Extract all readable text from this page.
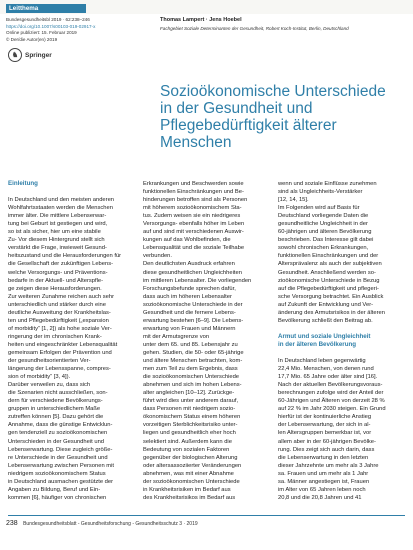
Leitthema
Bundesgesundheitsbl 2019 · 62:238–246
https://doi.org/10.1007/s00103-019-02917-x
Online publiziert: 15. Februar 2019
© Der/die Autor(en) 2019
♞	Springer
Thomas Lampert · Jens Hoebel
Fachgebiet Soziale Determinanten der Gesundheit, Robert Koch-Institut, Berlin, Deutschland
Sozioökonomische Unterschiede
in der Gesundheit und
Pflegebedürftigkeit älterer
Menschen

Einleitung

In Deutschland und den meisten anderen

Wohlfahrtsstaaten werden die Menschen

immer älter. Die mittlere Lebenserwar-

tung bei Geburt ist gestiegen und wird,

so ist als sicher, hier um eine stabile

Zu- Vor diesem Hintergrund stellt sich

verstärkt die Frage, inwieweit Gesund-

heitszustand und die Herausforderungen für

die Gesellschaft der zukünftigen Lebens-

welche Versorgungs- und Präventions-

bedarfe in der Aktuell- und Alterspfle-

ge zeigen diese Herausforderungen.

Zur weiteren Zunahme reichen auch sehr

unterschiedlich und stärker durch eine

deutliche Ausweitung der Krankheitslas-

ten und Pflegebedürftigkeit („expansion

of morbidity“ [1, 2]) als hohe soziale Ver-

ringerung der im chronischen Krank-

heiten und eingeschränkter Lebensqualität

gemeinsam Erfolgen der Prävention und

der gesundheitsorientierten Ver-

längerung der Lebensspanne, compres-

sion of morbidity“ [3, 4]).

Darüber verweilen zu, dass sich

die Szenarien nicht ausschließen, son-

dern für verschiedene Bevölkerungs-

gruppen in unterschiedlichem Maße

zutreffen können [5]. Dazu gehört die

Annahme, dass die günstige Entwicklun-

gen tendenziell zu sozioökonomischen

Unterschieden in der Gesundheit und

Lebenserwartung. Diese zugleich größe-

re Unterschiede in der Gesundheit und

Lebenserwartung zwischen Personen mit

niedrigem sozioökonomischem Status

in Deutschland ausmachen gestützte der

Angaben zu Bildung, Beruf und Ein-

kommen [6], häufiger von chronischen

Erkrankungen und Beschwerden sowie

funktionellen Einschränkungen und Be-

hinderungen betroffen sind als Personen

mit höherem sozioökonomischem Sta-

tus. Zudem weisen sie ein niedrigeres

Versorgungs- ebenfalls höher im Leben

auf und sind mit verschiedenen Auswir-

kungen auf das Wohlbefinden, die

Lebensqualität und die soziale Teilhabe

verbunden.

Den deutlichsten Ausdruck erfahren

diese gesundheitlichen Ungleichheiten

im mittleren Lebensalter. Die vorliegenden

Forschungsbefunde sprechen dafür,

dass auch im höheren Lebensalter

sozioökonomische Unterschiede in der

Gesundheit und die fernere Lebens-

erwartung bestehen [6–9]. Die Lebens-

erwartung von Frauen und Männern

mit der Armutsgrenze von

unter dem 65. und 85. Lebensjahr zu

gehen. Studien, die 50- oder 65-jährige

und ältere Menschen betrachten, kom-

men zum Teil zu dem Ergebnis, dass

die sozioökonomischen Unterschiede

abnehmen und sich im hohen Lebens-

alter angleichen [10–12]. Zurückge-

führt wird dies unter anderem darauf,

dass Personen mit niedrigem sozio-

ökonomischem Status einem höheren

vorzeitigen Sterblichkeitsrisiko unter-

liegen und gesundheitlich eher hoch

selektiert sind. Außerdem kann die

Bedeutung von sozialen Faktoren

gegenüber der biologischen Alterung

oder altersassoziierter Veränderungen

abnehmen, was mit einer Abnahme

der sozioökonomischen Unterschiede

in Krankheitsrisiken im Bedarf aus

des Krankheitsrisikos im Bedarf aus

wenn und soziale Einflüsse zunehmen

sind als Ungleichheits-Verstärker

[12, 14, 15].

Im Folgenden wird auf Basis für

Deutschland vorliegende Daten die

gesundheitliche Ungleichheit in der

60-jährigen und älteren Bevölkerung

beschrieben. Das Interesse gilt dabei

sowohl chronischen Erkrankungen,

funktionellen Einschränkungen und der

Altersprävalenz als auch der subjektiven

Gesundheit. Anschließend werden so-

zioökonomische Unterschiede in Bezug

auf die Pflegebedürftigkeit und pflegeri-

sche Versorgung betrachtet. Ein Ausblick

auf Zukunft der Entwicklung und Ver-

änderung des Armutsrisikos in der älteren

Bevölkerung schließt den Beitrag ab.

Armut und soziale Ungleichheit

in der älteren Bevölkerung

In Deutschland leben gegenwärtig

22,4 Mio. Menschen, von denen rund

17,7 Mio. 65 Jahre oder älter sind [16].

Nach der aktuellen Bevölkerungsvoraus-

berechnungen zufolge wird der Anteil der

60-Jährigen und Älteren von derzeit 28 %

auf 22 % im Jahr 2030 steigen. Ein Grund

hierfür ist der kontinuierliche Anstieg

der Lebenserwartung, der sich in al-

len Altersgruppen bemerkbar ist, vor

allem aber in der 60-jährigen Bevölke-

rung. Dies zeigt sich auch darin, dass

die Lebenserwartung in den letzten

dieser Jahrzehnte um mehr als 3 Jahre

sa. Frauen und um mehr als 1 Jahr

sa. Männer angestiegen ist, Frauen

im Alter von 65 Jahren leben noch

20,8 und die 20,8 Jahren und 41

238 Bundesgesundheitsblatt - Gesundheitsforschung - Gesundheitsschutz 3 · 2019
